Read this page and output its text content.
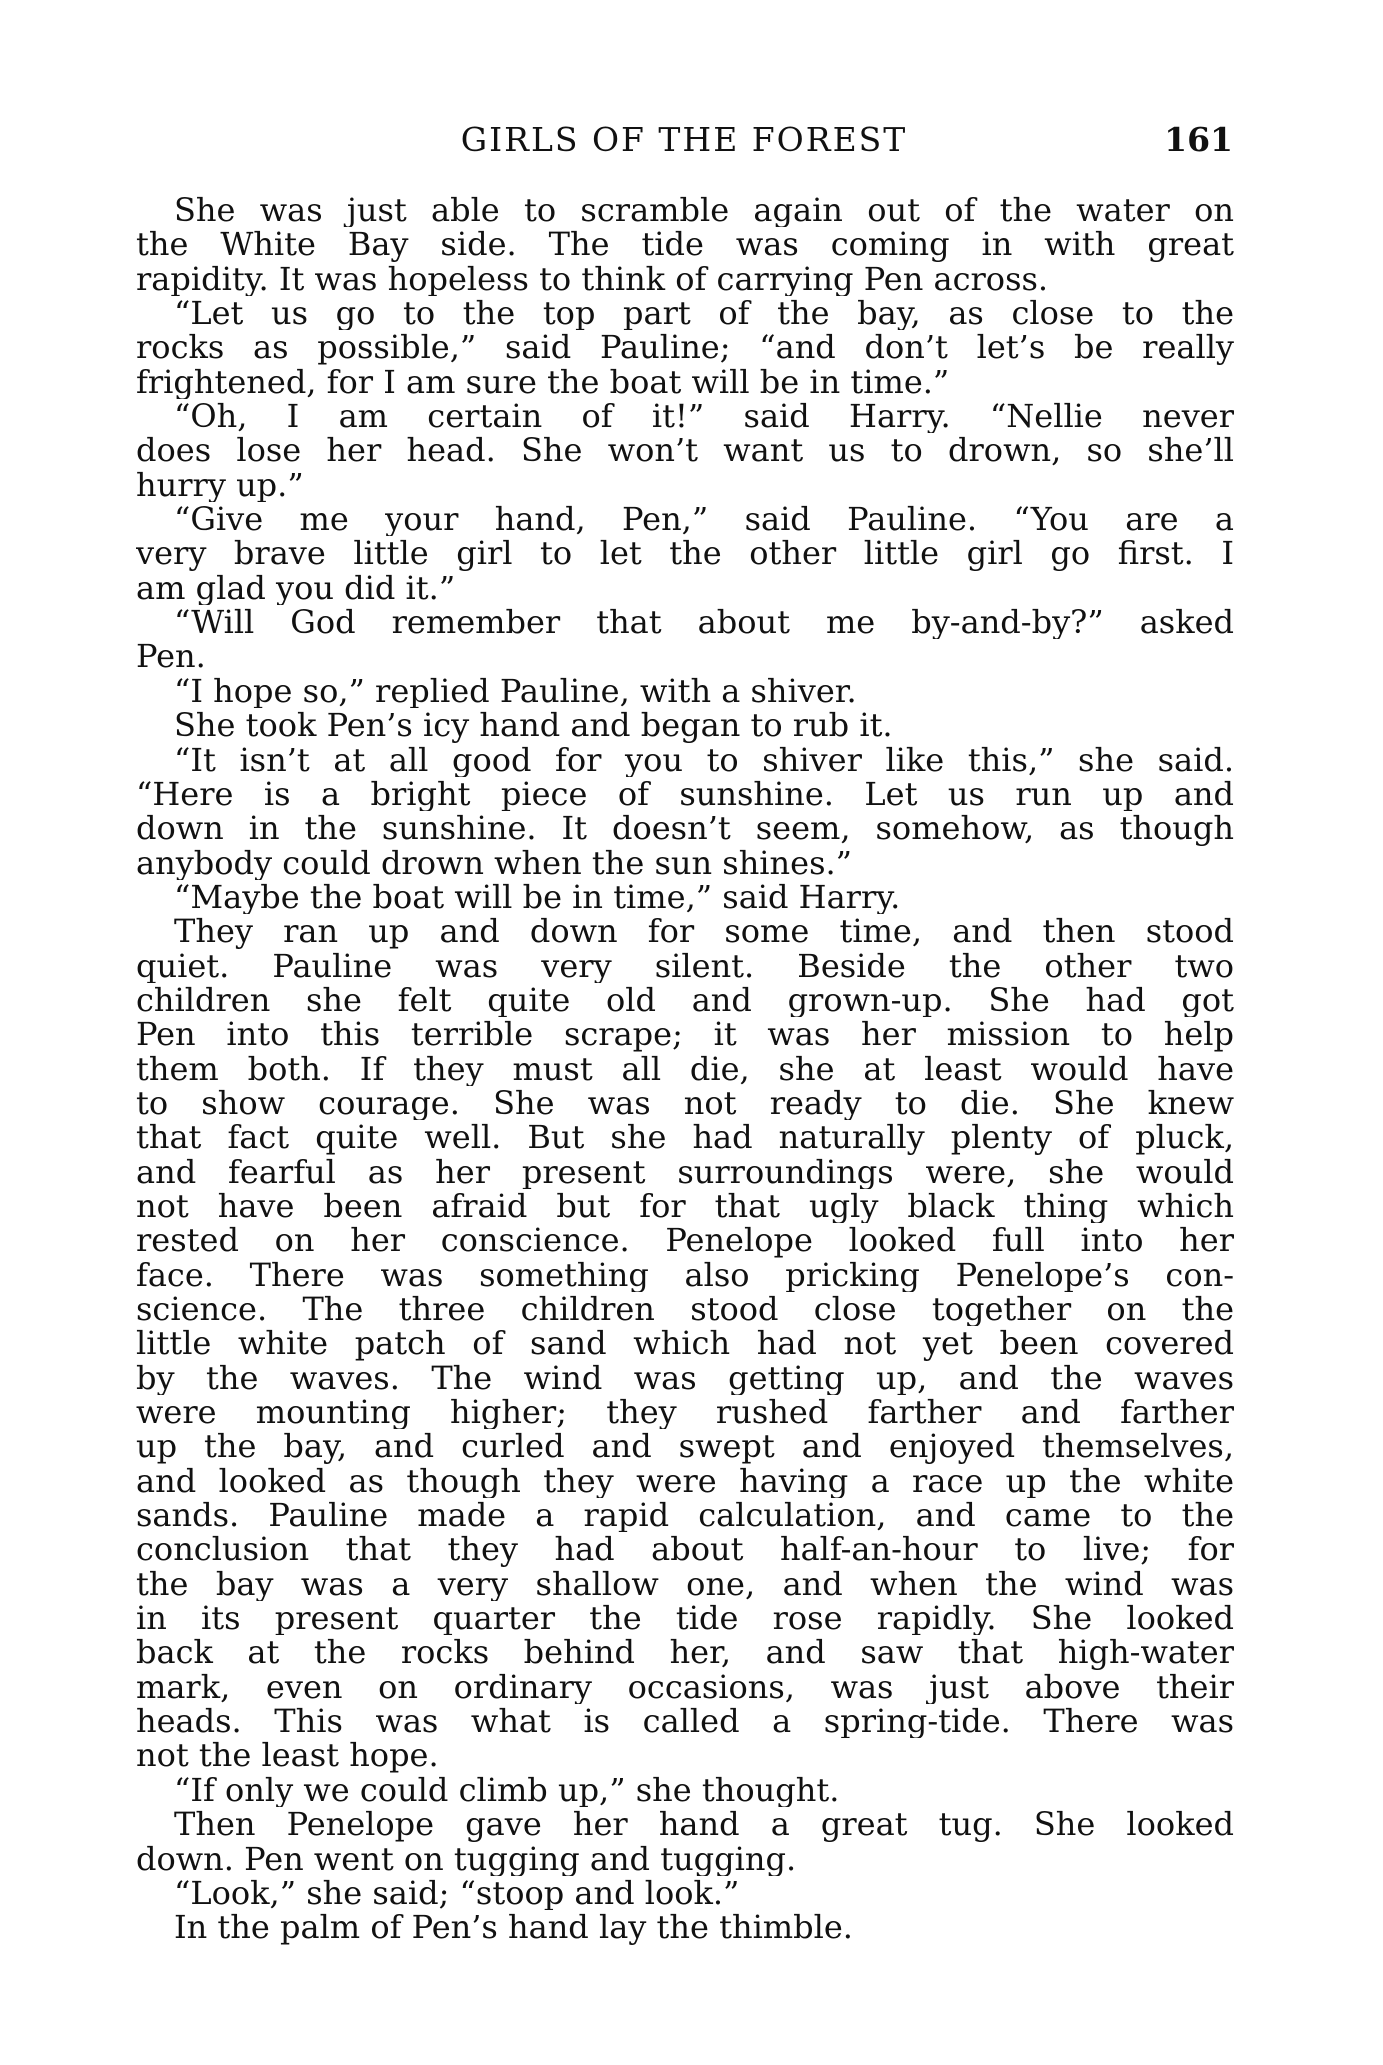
GIRLS OF THE FOREST	161
She was just able to scramble again out of the water on
the White Bay side. The tide was coming in with great
rapidity. It was hopeless to think of carrying Pen across.
“Let us go to the top part of the bay, as close to the
rocks as possible,” said Pauline; “and don’t let’s be really
frightened, for I am sure the boat will be in time.”
“Oh, I am certain of it!” said Harry. “Nellie never
does lose her head. She won’t want us to drown, so she’ll
hurry up.”
“Give me your hand, Pen,” said Pauline. “You are a
very brave little girl to let the other little girl go first. I
am glad you did it.”
“Will God remember that about me by-and-by?” asked
Pen.
“I hope so,” replied Pauline, with a shiver.
She took Pen’s icy hand and began to rub it.
“It isn’t at all good for you to shiver like this,” she said.
“Here is a bright piece of sunshine. Let us run up and
down in the sunshine. It doesn’t seem, somehow, as though
anybody could drown when the sun shines.”
“Maybe the boat will be in time,” said Harry.
They ran up and down for some time, and then stood
quiet. Pauline was very silent. Beside the other two
children she felt quite old and grown-up. She had got
Pen into this terrible scrape; it was her mission to help
them both. If they must all die, she at least would have
to show courage. She was not ready to die. She knew
that fact quite well. But she had naturally plenty of pluck,
and fearful as her present surroundings were, she would
not have been afraid but for that ugly black thing which
rested on her conscience. Penelope looked full into her
face. There was something also pricking Penelope’s con-
science. The three children stood close together on the
little white patch of sand which had not yet been covered
by the waves. The wind was getting up, and the waves
were mounting higher; they rushed farther and farther
up the bay, and curled and swept and enjoyed themselves,
and looked as though they were having a race up the white
sands. Pauline made a rapid calculation, and came to the
conclusion that they had about half-an-hour to live; for
the bay was a very shallow one, and when the wind was
in its present quarter the tide rose rapidly. She looked
back at the rocks behind her, and saw that high-water
mark, even on ordinary occasions, was just above their
heads. This was what is called a spring-tide. There was
not the least hope.
“If only we could climb up,” she thought.
Then Penelope gave her hand a great tug. She looked
down. Pen went on tugging and tugging.
“Look,” she said; “stoop and look.”
In the palm of Pen’s hand lay the thimble.
